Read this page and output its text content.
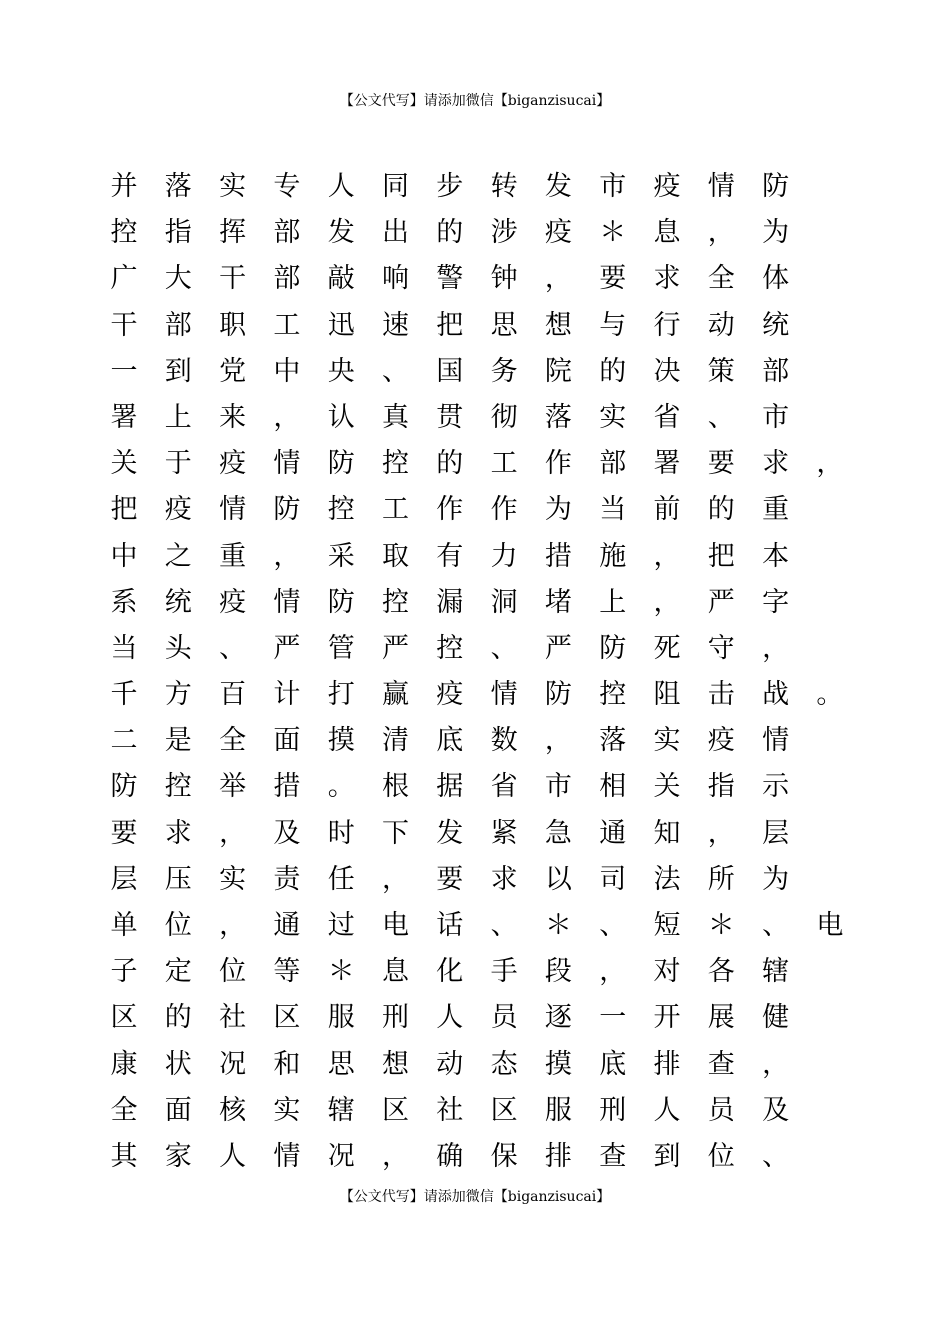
【公文代写】请添加微信【biganzisucai】
并 落 实 专 人 同 步 转 发 市 疫 情 防
控 指 挥 部 发 出 的 涉 疫 ＊ 息 ， 为
广 大 干 部 敲 响 警 钟 ， 要 求 全 体
干 部 职 工 迅 速 把 思 想 与 行 动 统
一 到 党 中 央 、 国 务 院 的 决 策 部
署 上 来 ， 认 真 贯 彻 落 实 省 、 市
关 于 疫 情 防 控 的 工 作 部 署 要 求 ，
把 疫 情 防 控 工 作 作 为 当 前 的 重
中 之 重 ， 采 取 有 力 措 施 ， 把 本
系 统 疫 情 防 控 漏 洞 堵 上 ， 严 字
当 头 、 严 管 严 控 、 严 防 死 守 ，
千 方 百 计 打 赢 疫 情 防 控 阻 击 战 。
二 是 全 面 摸 清 底 数 ， 落 实 疫 情
防 控 举 措 。 根 据 省 市 相 关 指 示
要 求 ， 及 时 下 发 紧 急 通 知 ， 层
层 压 实 责 任 ， 要 求 以 司 法 所 为
单 位 ， 通 过 电 话 、 ＊ 、 短 ＊ 、 电
子 定 位 等 ＊ 息 化 手 段 ， 对 各 辖
区 的 社 区 服 刑 人 员 逐 一 开 展 健
康 状 况 和 思 想 动 态 摸 底 排 查 ，
全 面 核 实 辖 区 社 区 服 刑 人 员 及
其 家 人 情 况 ， 确 保 排 查 到 位 、
【公文代写】请添加微信【biganzisucai】
